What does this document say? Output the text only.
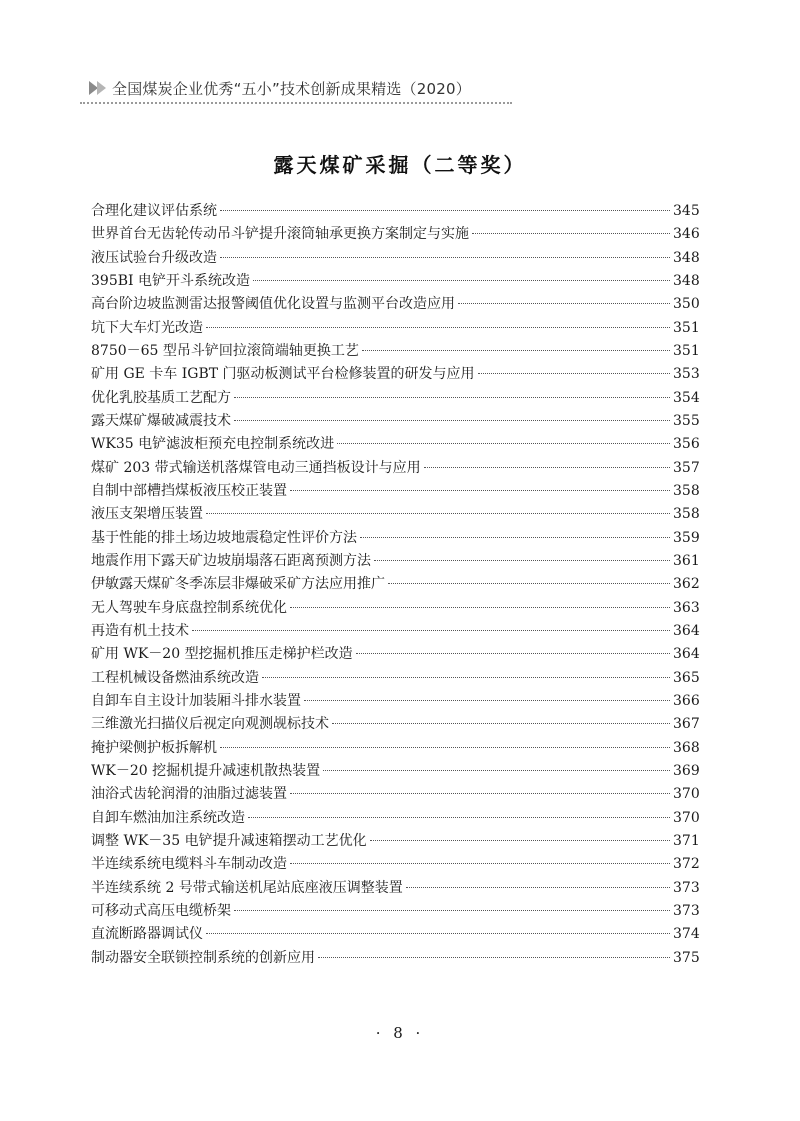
全国煤炭企业优秀“五小”技术创新成果精选（2020）
露天煤矿采掘（二等奖）
合理化建议评估系统	345
世界首台无齿轮传动吊斗铲提升滚筒轴承更换方案制定与实施	346
液压试验台升级改造	348
395BI 电铲开斗系统改造	348
高台阶边坡监测雷达报警阈值优化设置与监测平台改造应用	350
坑下大车灯光改造	351
8750－65 型吊斗铲回拉滚筒端轴更换工艺	351
矿用 GE 卡车 IGBT 门驱动板测试平台检修装置的研发与应用	353
优化乳胶基质工艺配方	354
露天煤矿爆破减震技术	355
WK35 电铲滤波柜预充电控制系统改进	356
煤矿 203 带式输送机落煤管电动三通挡板设计与应用	357
自制中部槽挡煤板液压校正装置	358
液压支架增压装置	358
基于性能的排土场边坡地震稳定性评价方法	359
地震作用下露天矿边坡崩塌落石距离预测方法	361
伊敏露天煤矿冬季冻层非爆破采矿方法应用推广	362
无人驾驶车身底盘控制系统优化	363
再造有机土技术	364
矿用 WK－20 型挖掘机推压走梯护栏改造	364
工程机械设备燃油系统改造	365
自卸车自主设计加装厢斗排水装置	366
三维激光扫描仪后视定向观测觇标技术	367
掩护梁侧护板拆解机	368
WK－20 挖掘机提升减速机散热装置	369
油浴式齿轮润滑的油脂过滤装置	370
自卸车燃油加注系统改造	370
调整 WK－35 电铲提升减速箱摆动工艺优化	371
半连续系统电缆料斗车制动改造	372
半连续系统 2 号带式输送机尾站底座液压调整装置	373
可移动式高压电缆桥架	373
直流断路器调试仪	374
制动器安全联锁控制系统的创新应用	375
· 8 ·
